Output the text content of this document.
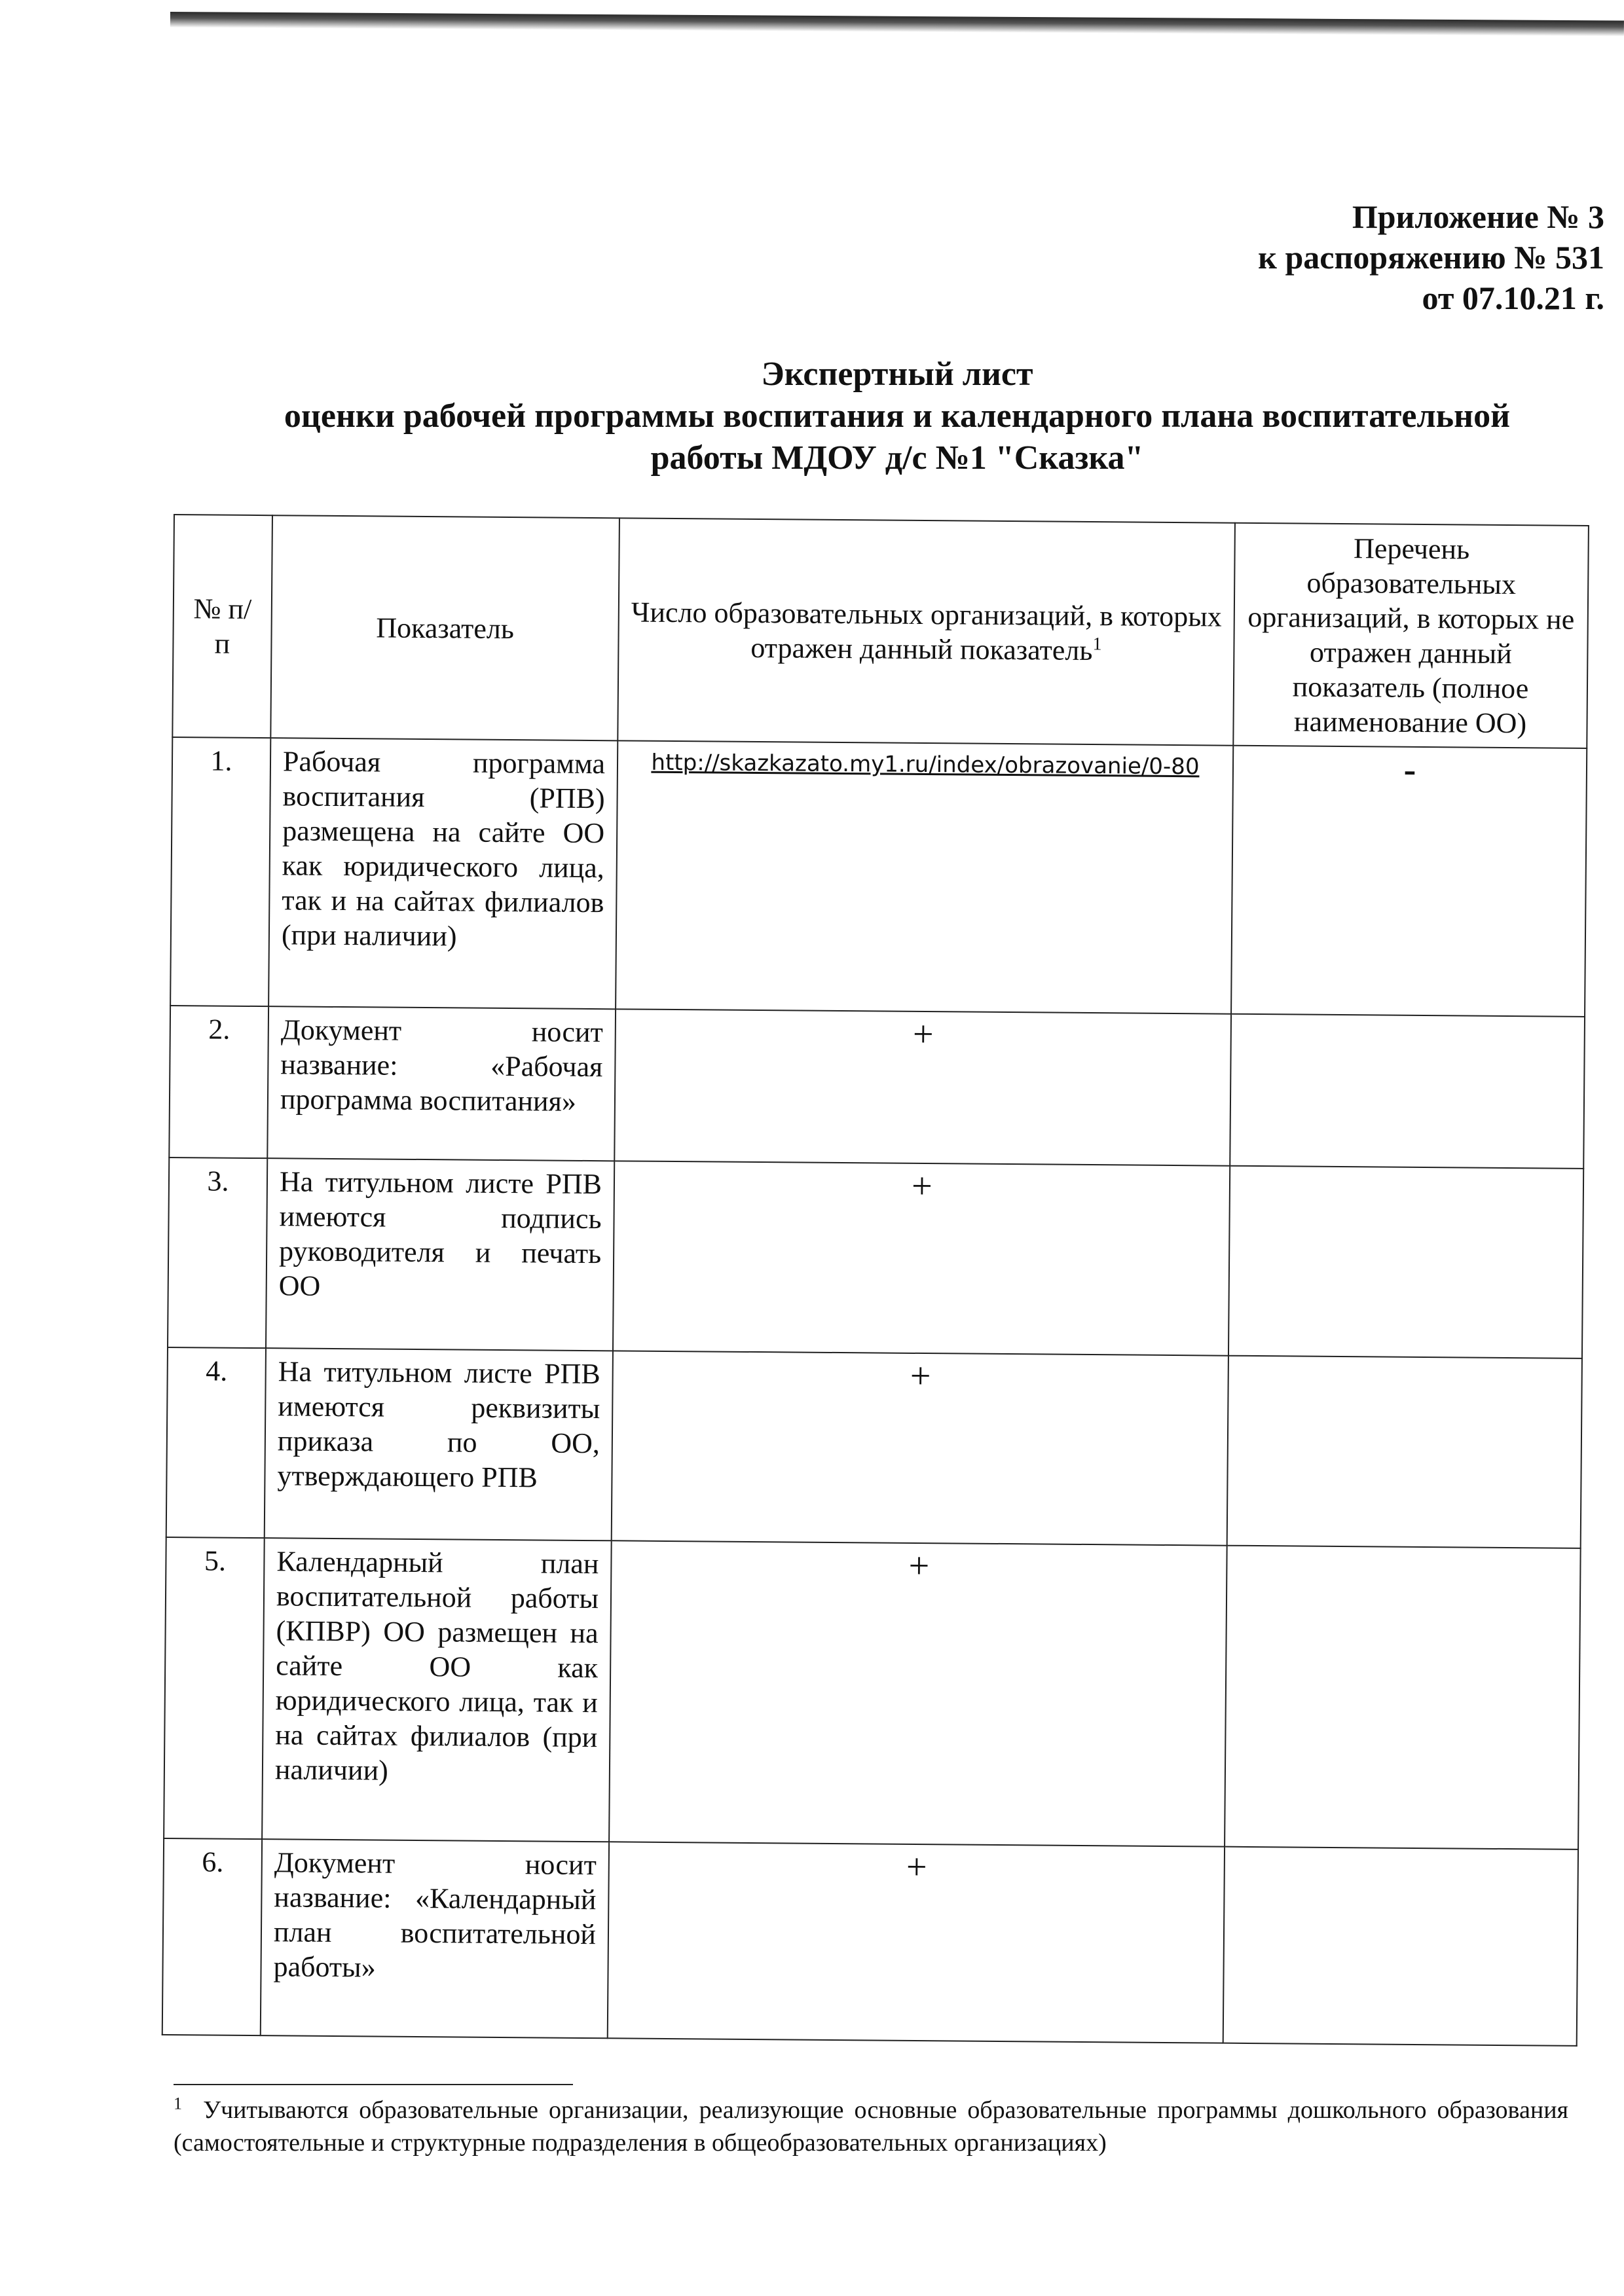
Приложение № 3
к распоряжению № 531
от 07.10.21 г.
Экспертный лист
оценки рабочей программы воспитания и календарного плана воспитательной
работы МДОУ д/с №1 "Сказка"
№ п/п	Показатель	Число образовательных организаций, в которых отражен данный показатель$^1$	Перечень образовательных организаций, в которых не отражен данный показатель (полное наименование ОО)
1.	Рабочая программа воспитания (РПВ) размещена на сайте ОО как юридического лица, так и на сайтах филиалов (при наличии)	http://skazkazato.my1.ru/index/obrazovanie/0-80	-
2.	Документ носит название: «Рабочая программа воспитания»	+	
3.	На титульном листе РПВ имеются подпись руководителя и печать ОО	+	
4.	На титульном листе РПВ имеются реквизиты приказа по ОО, утверждающего РПВ	+	
5.	Календарный план воспитательной работы (КПВР) ОО размещен на сайте ОО как юридического лица, так и на сайтах филиалов (при наличии)	+	
6.	Документ носит название: «Календарный план воспитательной работы»	+	
$^1$ Учитываются образовательные организации, реализующие основные образовательные программы дошкольного образования (самостоятельные и структурные подразделения в общеобразовательных организациях)
